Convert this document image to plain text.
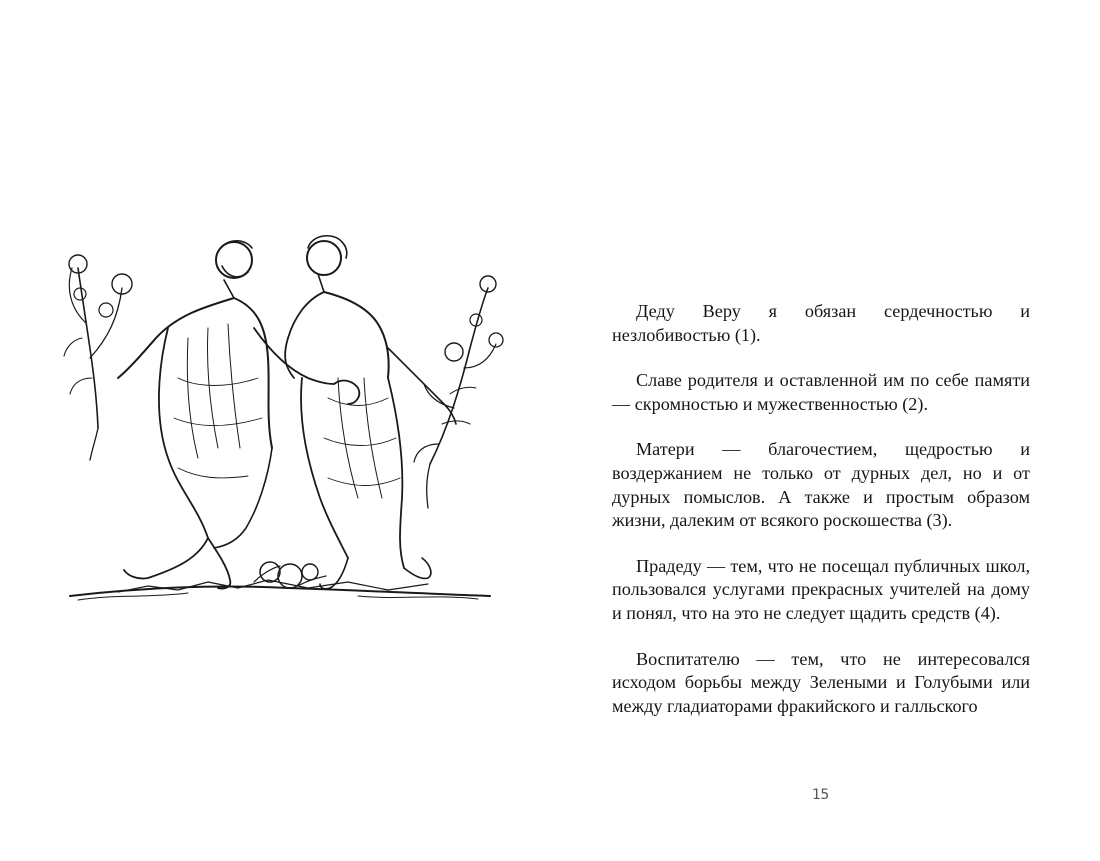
Деду Веру я обязан сердечностью и незлобивостью (1).

Славе родителя и оставленной им по себе памяти — скромностью и мужественностью (2).

Матери — благочестием, щедростью и воздержанием не только от дурных дел, но и от дурных помыслов. А также и простым образом жизни, далеким от всякого роскошества (3).

Прадеду — тем, что не посещал публичных школ, пользовался услугами прекрасных учителей на дому и понял, что на это не следует щадить средств (4).

Воспитателю — тем, что не интересовался исходом борьбы между Зелеными и Голубыми или между гладиаторами фракийского и галльского

15
